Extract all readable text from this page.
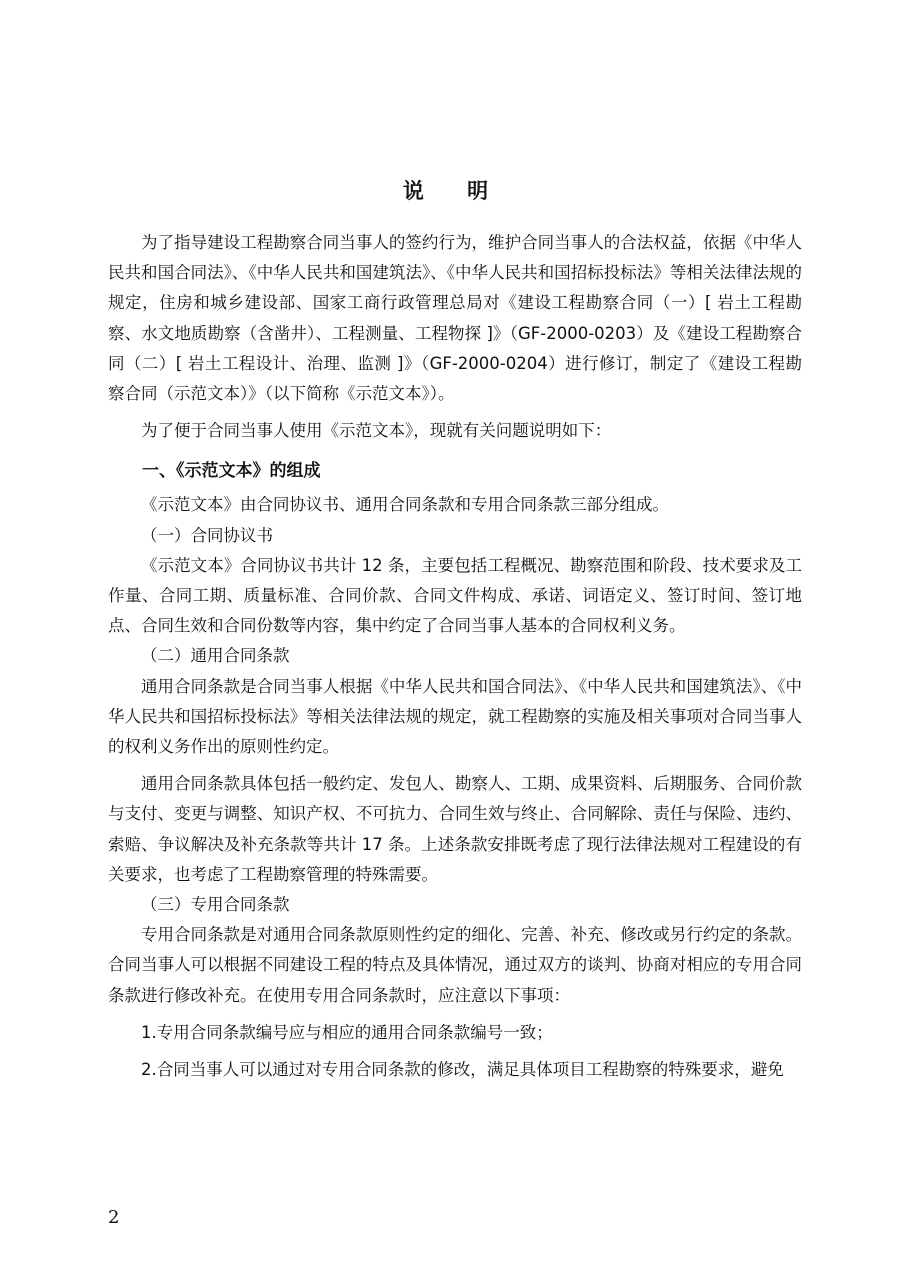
说 明

为了指导建设工程勘察合同当事人的签约行为，维护合同当事人的合法权益，依据《中华人民共和国合同法》、《中华人民共和国建筑法》、《中华人民共和国招标投标法》等相关法律法规的规定，住房和城乡建设部、国家工商行政管理总局对《建设工程勘察合同（一）[ 岩土工程勘察、水文地质勘察（含凿井）、工程测量、工程物探 ]》（GF-2000-0203）及《建设工程勘察合同（二）[ 岩土工程设计、治理、监测 ]》（GF-2000-0204）进行修订，制定了《建设工程勘察合同（示范文本）》（以下简称《示范文本》）。

为了便于合同当事人使用《示范文本》，现就有关问题说明如下：

一、《示范文本》的组成

《示范文本》由合同协议书、通用合同条款和专用合同条款三部分组成。

（一）合同协议书

《示范文本》合同协议书共计 12 条，主要包括工程概况、勘察范围和阶段、技术要求及工作量、合同工期、质量标准、合同价款、合同文件构成、承诺、词语定义、签订时间、签订地点、合同生效和合同份数等内容，集中约定了合同当事人基本的合同权利义务。

（二）通用合同条款

通用合同条款是合同当事人根据《中华人民共和国合同法》、《中华人民共和国建筑法》、《中华人民共和国招标投标法》等相关法律法规的规定，就工程勘察的实施及相关事项对合同当事人的权利义务作出的原则性约定。

通用合同条款具体包括一般约定、发包人、勘察人、工期、成果资料、后期服务、合同价款与支付、变更与调整、知识产权、不可抗力、合同生效与终止、合同解除、责任与保险、违约、索赔、争议解决及补充条款等共计 17 条。上述条款安排既考虑了现行法律法规对工程建设的有关要求，也考虑了工程勘察管理的特殊需要。

（三）专用合同条款

专用合同条款是对通用合同条款原则性约定的细化、完善、补充、修改或另行约定的条款。合同当事人可以根据不同建设工程的特点及具体情况，通过双方的谈判、协商对相应的专用合同条款进行修改补充。在使用专用合同条款时，应注意以下事项：

1.专用合同条款编号应与相应的通用合同条款编号一致；

2.合同当事人可以通过对专用合同条款的修改，满足具体项目工程勘察的特殊要求，避免

2
